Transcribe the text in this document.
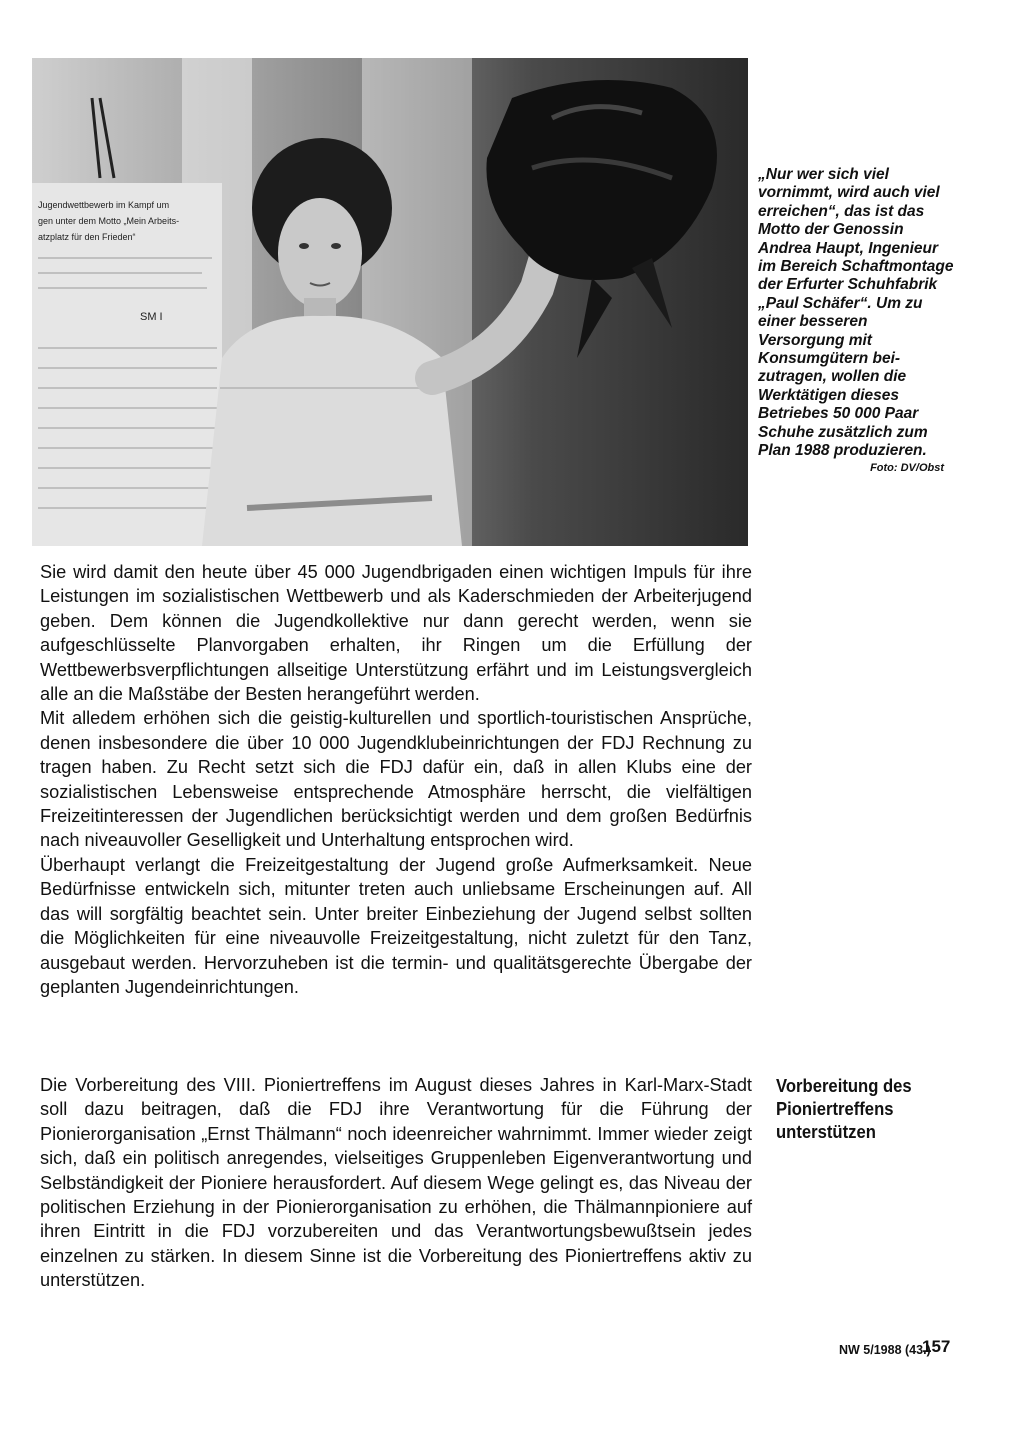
Jugendwettbewerb im Kampf um
gen unter dem Motto „Mein Arbeits-
atzplatz für den Frieden“
SM I
„Nur wer sich viel vornimmt, wird auch viel erreichen“, das ist das Motto der Genossin Andrea Haupt, Ingenieur im Bereich Schaftmontage der Erfurter Schuhfabrik „Paul Schäfer“. Um zu einer besseren Versorgung mit Konsumgütern beizutragen, wollen die Werktätigen dieses Betriebes 50 000 Paar Schuhe zusätzlich zum Plan 1988 produzieren.
Foto: DV/Obst

Sie wird damit den heute über 45 000 Jugendbrigaden einen wichtigen Impuls für ihre Leistungen im sozialistischen Wettbewerb und als Kaderschmieden der Arbeiterjugend geben. Dem können die Jugendkollektive nur dann gerecht werden, wenn sie aufgeschlüsselte Planvorgaben erhalten, ihr Ringen um die Erfüllung der Wettbewerbsverpflichtungen allseitige Unterstützung erfährt und im Leistungsvergleich alle an die Maßstäbe der Besten herangeführt werden.

Mit alledem erhöhen sich die geistig-kulturellen und sportlich-touristischen Ansprüche, denen insbesondere die über 10 000 Jugendklubeinrichtungen der FDJ Rechnung zu tragen haben. Zu Recht setzt sich die FDJ dafür ein, daß in allen Klubs eine der sozialistischen Lebensweise entsprechende Atmosphäre herrscht, die vielfältigen Freizeitinteressen der Jugendlichen berücksichtigt werden und dem großen Bedürfnis nach niveauvoller Geselligkeit und Unterhaltung entsprochen wird.

Überhaupt verlangt die Freizeitgestaltung der Jugend große Aufmerksamkeit. Neue Bedürfnisse entwickeln sich, mitunter treten auch unliebsame Erscheinungen auf. All das will sorgfältig beachtet sein. Unter breiter Einbeziehung der Jugend selbst sollten die Möglichkeiten für eine niveauvolle Freizeitgestaltung, nicht zuletzt für den Tanz, ausgebaut werden. Hervorzuheben ist die termin- und qualitätsgerechte Übergabe der geplanten Jugendeinrichtungen.

Die Vorbereitung des VIII. Pioniertreffens im August dieses Jahres in Karl-Marx-Stadt soll dazu beitragen, daß die FDJ ihre Verantwortung für die Führung der Pionierorganisation „Ernst Thälmann“ noch ideenreicher wahrnimmt. Immer wieder zeigt sich, daß ein politisch anregendes, vielseitiges Gruppenleben Eigenverantwortung und Selbständigkeit der Pioniere herausfordert. Auf diesem Wege gelingt es, das Niveau der politischen Erziehung in der Pionierorganisation zu erhöhen, die Thälmannpioniere auf ihren Eintritt in die FDJ vorzubereiten und das Verantwortungsbewußtsein jedes einzelnen zu stärken. In diesem Sinne ist die Vorbereitung des Pioniertreffens aktiv zu unterstützen.

Vorbereitung des Pioniertreffens unterstützen
NW 5/1988 (43.)
157
